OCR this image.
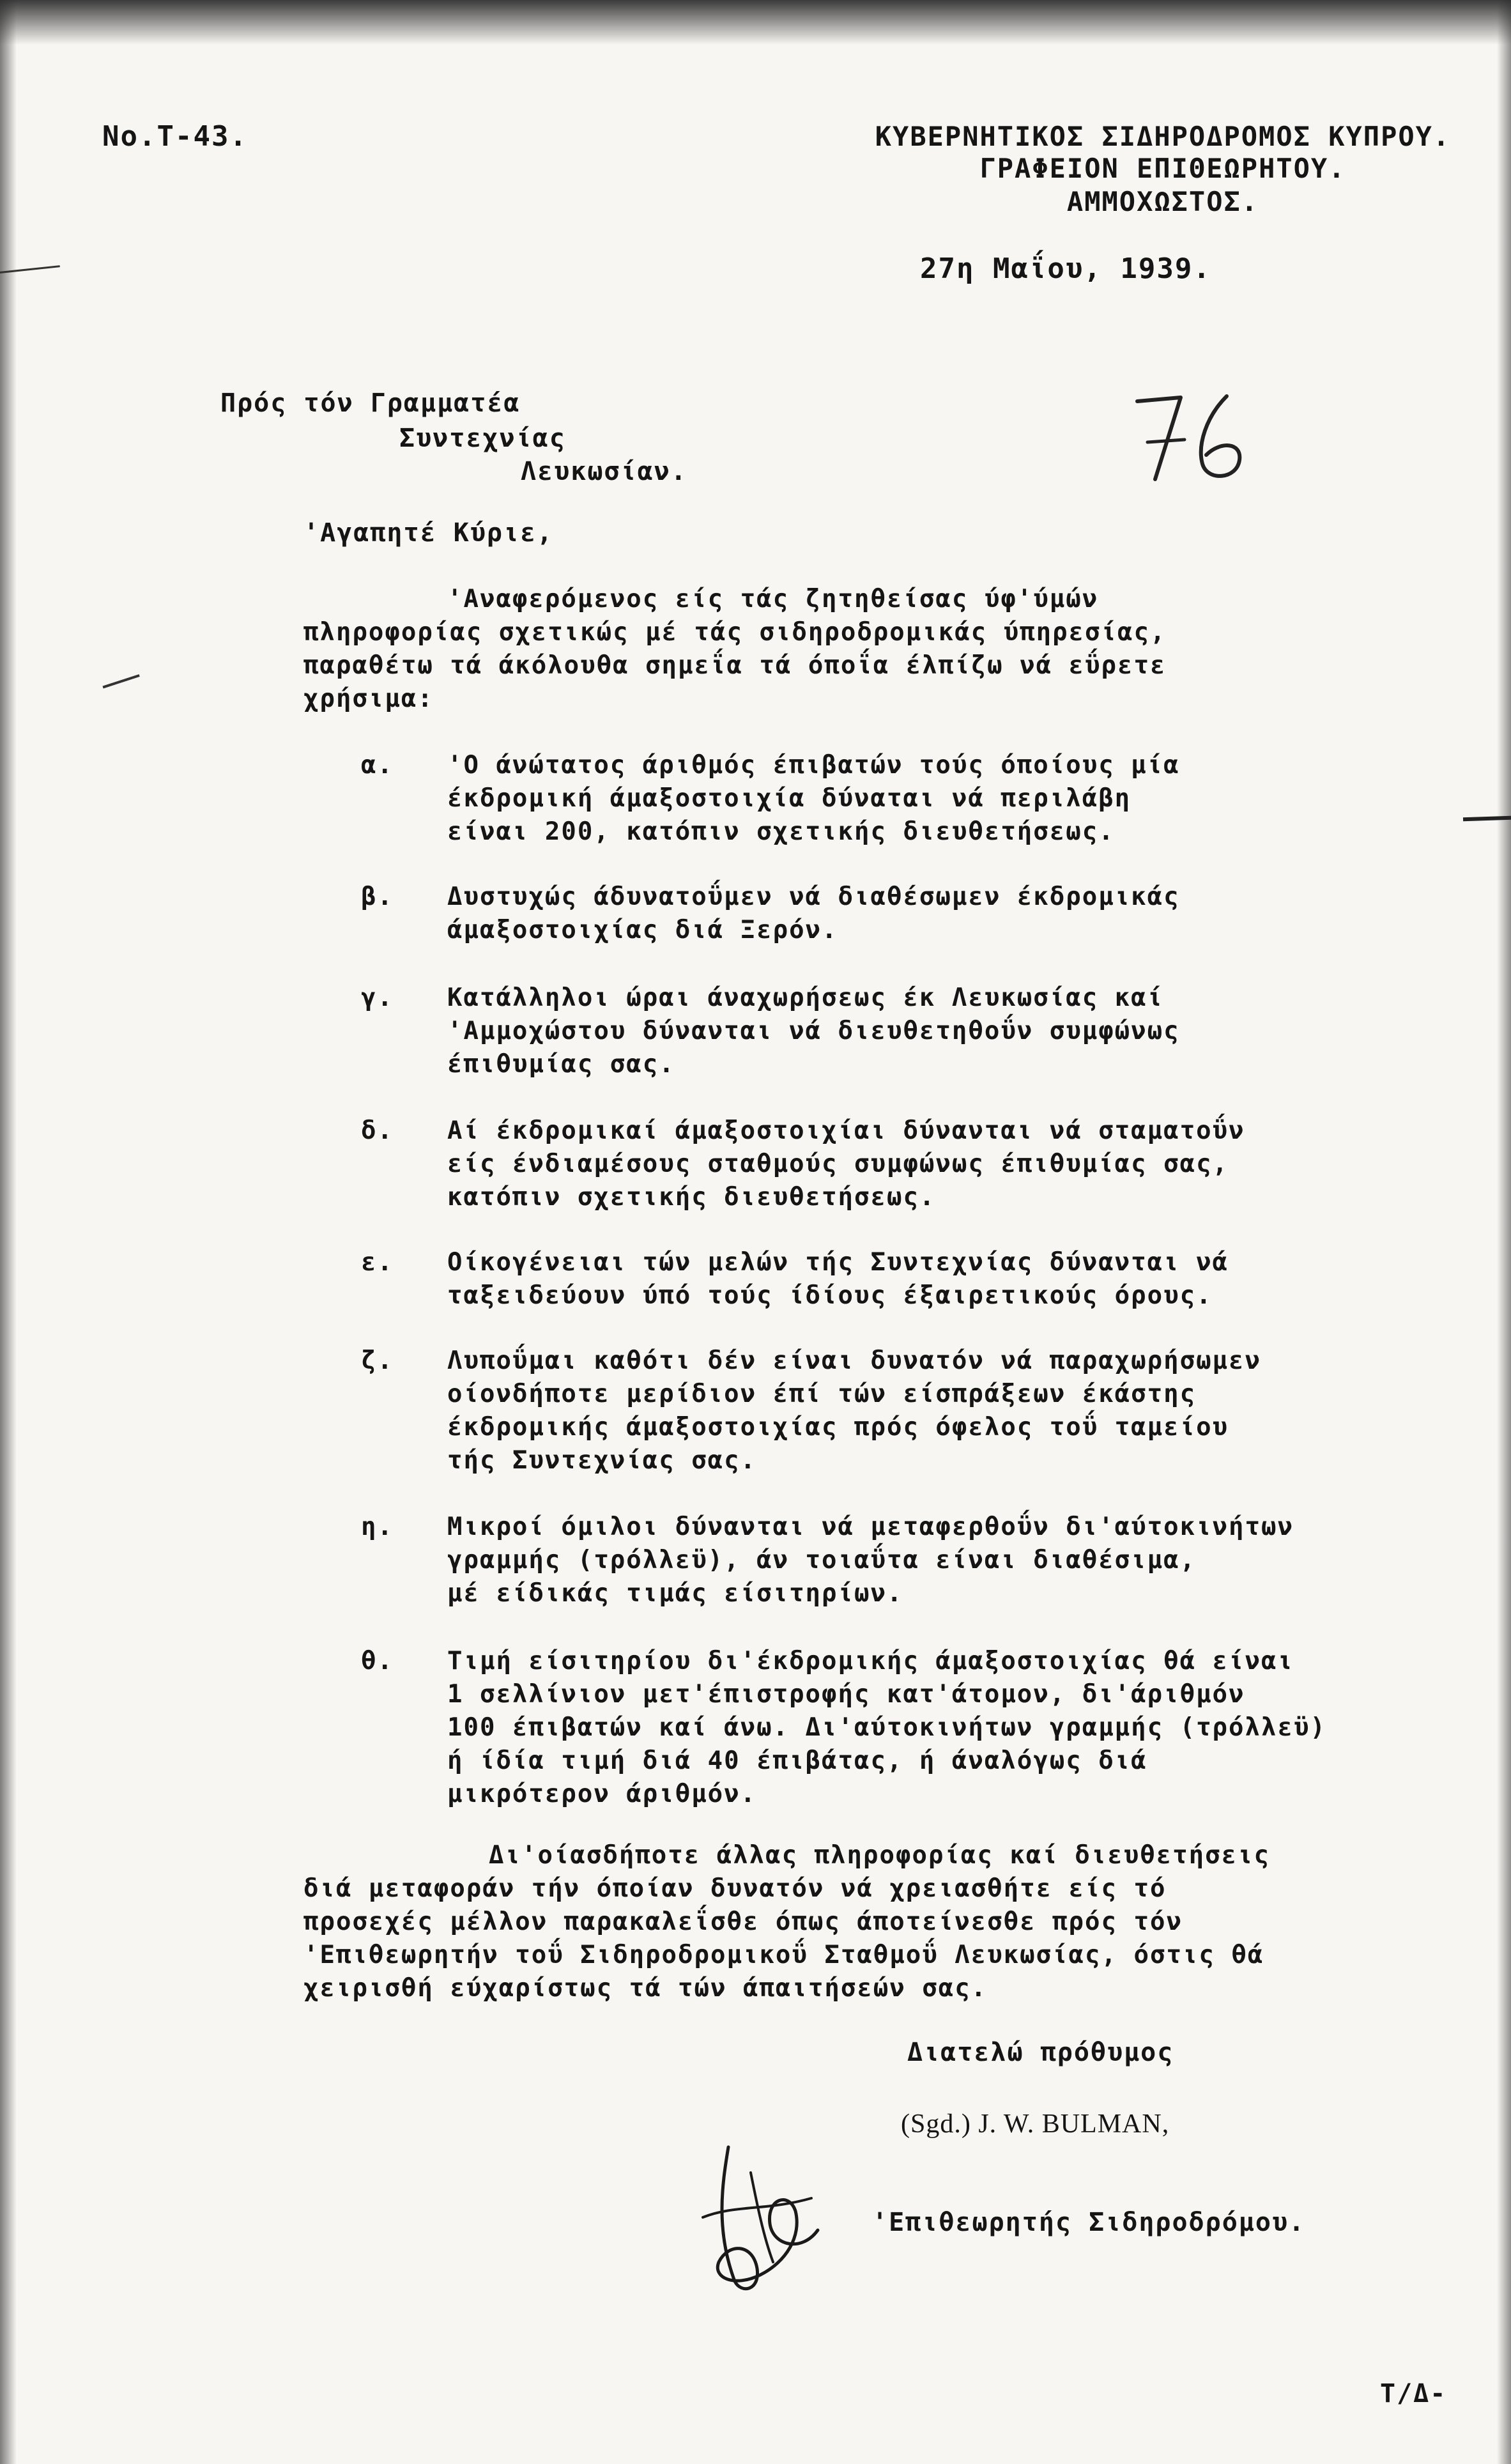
No.T-43.	ΚΥΒΕΡΝΗΤΙΚΟΣ ΣΙΔΗΡΟΔΡΟΜΟΣ ΚΥΠΡΟΥ.
ΓΡΑΦΕΙΟΝ ΕΠΙΘΕΩΡΗΤΟΥ.
ΑΜΜΟΧΩΣΤΟΣ.
27η Μαΐου, 1939.
Πρός τόν Γραμματέα
Συντεχνίας
Λευκωσίαν.
'Αγαπητέ Κύριε,
'Αναφερόμενος είς τάς ζητηθείσας ύφ'ύμών
πληροφορίας σχετικώς μέ τάς σιδηροδρομικάς ύπηρεσίας,
παραθέτω τά άκόλουθα σημεΐα τά όποΐα έλπίζω νά εΰρετε
χρήσιμα:
α. 'Ο άνώτατος άριθμός έπιβατών τούς όποίους μία
έκδρομική άμαξοστοιχία δύναται νά περιλάβη
είναι 200, κατόπιν σχετικής διευθετήσεως.
β. Δυστυχώς άδυνατοΰμεν νά διαθέσωμεν έκδρομικάς
άμαξοστοιχίας διά Ξερόν.
γ. Κατάλληλοι ώραι άναχωρήσεως έκ Λευκωσίας καί
'Αμμοχώστου δύνανται νά διευθετηθοΰν συμφώνως
έπιθυμίας σας.
δ. Αί έκδρομικαί άμαξοστοιχίαι δύνανται νά σταματοΰν
είς ένδιαμέσους σταθμούς συμφώνως έπιθυμίας σας,
κατόπιν σχετικής διευθετήσεως.
ε. Οίκογένειαι τών μελών τής Συντεχνίας δύνανται νά
ταξειδεύουν ύπό τούς ίδίους έξαιρετικούς όρους.
ζ. Λυποΰμαι καθότι δέν είναι δυνατόν νά παραχωρήσωμεν
οίονδήποτε μερίδιον έπί τών είσπράξεων έκάστης
έκδρομικής άμαξοστοιχίας πρός όφελος τοΰ ταμείου
τής Συντεχνίας σας.
η. Μικροί όμιλοι δύνανται νά μεταφερθοΰν δι'αύτοκινήτων
γραμμής (τρόλλεϋ), άν τοιαΰτα είναι διαθέσιμα,
μέ είδικάς τιμάς είσιτηρίων.
θ. Τιμή είσιτηρίου δι'έκδρομικής άμαξοστοιχίας θά είναι
1 σελλίνιον μετ'έπιστροφής κατ'άτομον, δι'άριθμόν
100 έπιβατών καί άνω. Δι'αύτοκινήτων γραμμής (τρόλλεϋ)
ή ίδία τιμή διά 40 έπιβάτας, ή άναλόγως διά
μικρότερον άριθμόν.
Δι'οίασδήποτε άλλας πληροφορίας καί διευθετήσεις
διά μεταφοράν τήν όποίαν δυνατόν νά χρειασθήτε είς τό
προσεχές μέλλον παρακαλεΐσθε όπως άποτείνεσθε πρός τόν
'Επιθεωρητήν τοΰ Σιδηροδρομικοΰ Σταθμοΰ Λευκωσίας, όστις θά
χειρισθή εύχαρίστως τά τών άπαιτήσεών σας.
Διατελώ πρόθυμος
(Sgd.) J. W. BULMAN,
'Επιθεωρητής Σιδηροδρόμου.
Τ/Δ-
